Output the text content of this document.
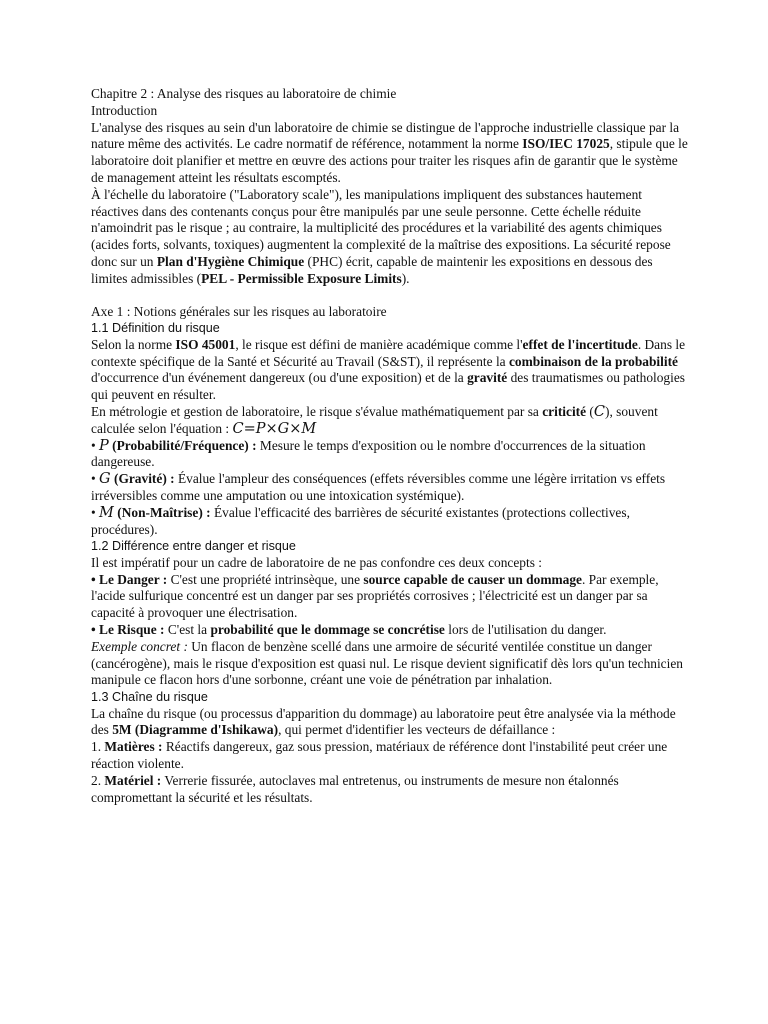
Chapitre 2 : Analyse des risques au laboratoire de chimie

Introduction

L'analyse des risques au sein d'un laboratoire de chimie se distingue de l'approche industrielle classique par la nature même des activités. Le cadre normatif de référence, notamment la norme ISO/IEC 17025, stipule que le laboratoire doit planifier et mettre en œuvre des actions pour traiter les risques afin de garantir que le système de management atteint les résultats escomptés.

À l'échelle du laboratoire ("Laboratory scale"), les manipulations impliquent des substances hautement réactives dans des contenants conçus pour être manipulés par une seule personne. Cette échelle réduite n'amoindrit pas le risque ; au contraire, la multiplicité des procédures et la variabilité des agents chimiques (acides forts, solvants, toxiques) augmentent la complexité de la maîtrise des expositions. La sécurité repose donc sur un Plan d'Hygiène Chimique (PHC) écrit, capable de maintenir les expositions en dessous des limites admissibles (PEL - Permissible Exposure Limits).

Axe 1 : Notions générales sur les risques au laboratoire

1.1 Définition du risque

Selon la norme ISO 45001, le risque est défini de manière académique comme l'effet de l'incertitude. Dans le contexte spécifique de la Santé et Sécurité au Travail (S&ST), il représente la combinaison de la probabilité d'occurrence d'un événement dangereux (ou d'une exposition) et de la gravité des traumatismes ou pathologies qui peuvent en résulter.

En métrologie et gestion de laboratoire, le risque s'évalue mathématiquement par sa criticité (C), souvent calculée selon l'équation : C=P×G×M

• P (Probabilité/Fréquence) : Mesure le temps d'exposition ou le nombre d'occurrences de la situation dangereuse.

• G (Gravité) : Évalue l'ampleur des conséquences (effets réversibles comme une légère irritation vs effets irréversibles comme une amputation ou une intoxication systémique).

• M (Non-Maîtrise) : Évalue l'efficacité des barrières de sécurité existantes (protections collectives, procédures).

1.2 Différence entre danger et risque

Il est impératif pour un cadre de laboratoire de ne pas confondre ces deux concepts :

• Le Danger : C'est une propriété intrinsèque, une source capable de causer un dommage. Par exemple, l'acide sulfurique concentré est un danger par ses propriétés corrosives ; l'électricité est un danger par sa capacité à provoquer une électrisation.

• Le Risque : C'est la probabilité que le dommage se concrétise lors de l'utilisation du danger.

Exemple concret : Un flacon de benzène scellé dans une armoire de sécurité ventilée constitue un danger (cancérogène), mais le risque d'exposition est quasi nul. Le risque devient significatif dès lors qu'un technicien manipule ce flacon hors d'une sorbonne, créant une voie de pénétration par inhalation.

1.3 Chaîne du risque

La chaîne du risque (ou processus d'apparition du dommage) au laboratoire peut être analysée via la méthode des 5M (Diagramme d'Ishikawa), qui permet d'identifier les vecteurs de défaillance :

1. Matières : Réactifs dangereux, gaz sous pression, matériaux de référence dont l'instabilité peut créer une réaction violente.

2. Matériel : Verrerie fissurée, autoclaves mal entretenus, ou instruments de mesure non étalonnés compromettant la sécurité et les résultats.
